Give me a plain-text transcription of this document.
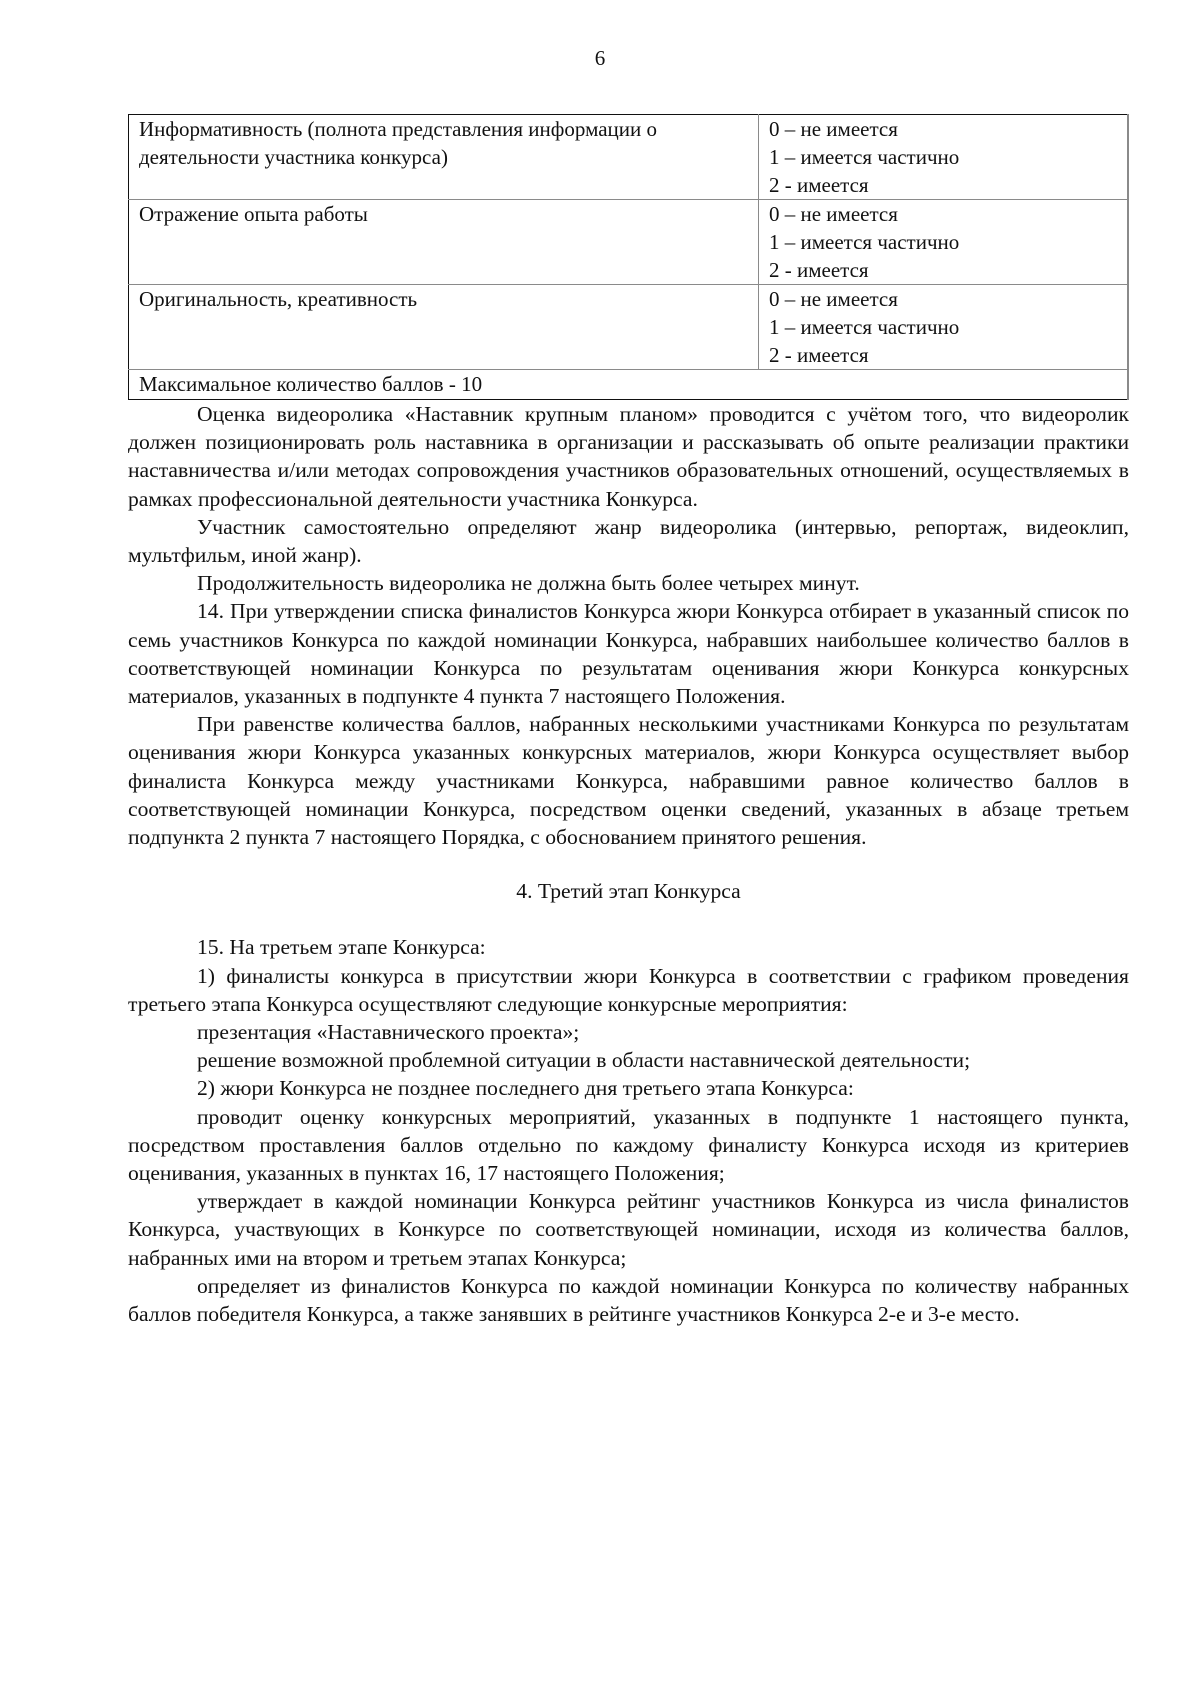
6
Информативность (полнота представления информации о деятельности участника конкурса)	0 – не имеется
1 – имеется частично
2 - имеется

Отражение опыта работы	0 – не имеется
1 – имеется частично
2 - имеется

Оригинальность, креативность	0 – не имеется
1 – имеется частично
2 - имеется

Максимальное количество баллов - 10	

Оценка видеоролика «Наставник крупным планом» проводится с учётом того, что видеоролик должен позиционировать роль наставника в организации и рассказывать об опыте реализации практики наставничества и/или методах сопровождения участников образовательных отношений, осуществляемых в рамках профессиональной деятельности участника Конкурса.

Участник самостоятельно определяют жанр видеоролика (интервью, репортаж, видеоклип, мультфильм, иной жанр).

Продолжительность видеоролика не должна быть более четырех минут.

14. При утверждении списка финалистов Конкурса жюри Конкурса отбирает в указанный список по семь участников Конкурса по каждой номинации Конкурса, набравших наибольшее количество баллов в соответствующей номинации Конкурса по результатам оценивания жюри Конкурса конкурсных материалов, указанных в подпункте 4 пункта 7 настоящего Положения.

При равенстве количества баллов, набранных несколькими участниками Конкурса по результатам оценивания жюри Конкурса указанных конкурсных материалов, жюри Конкурса осуществляет выбор финалиста Конкурса между участниками Конкурса, набравшими равное количество баллов в соответствующей номинации Конкурса, посредством оценки сведений, указанных в абзаце третьем подпункта 2 пункта 7 настоящего Порядка, с обоснованием принятого решения.

4. Третий этап Конкурса

15. На третьем этапе Конкурса:

1) финалисты конкурса в присутствии жюри Конкурса в соответствии с графиком проведения третьего этапа Конкурса осуществляют следующие конкурсные мероприятия:

презентация «Наставнического проекта»;

решение возможной проблемной ситуации в области наставнической деятельности;

2) жюри Конкурса не позднее последнего дня третьего этапа Конкурса:

проводит оценку конкурсных мероприятий, указанных в подпункте 1 настоящего пункта, посредством проставления баллов отдельно по каждому финалисту Конкурса исходя из критериев оценивания, указанных в пунктах 16, 17 настоящего Положения;

утверждает в каждой номинации Конкурса рейтинг участников Конкурса из числа финалистов Конкурса, участвующих в Конкурсе по соответствующей номинации, исходя из количества баллов, набранных ими на втором и третьем этапах Конкурса;

определяет из финалистов Конкурса по каждой номинации Конкурса по количеству набранных баллов победителя Конкурса, а также занявших в рейтинге участников Конкурса 2-е и 3-е место.
